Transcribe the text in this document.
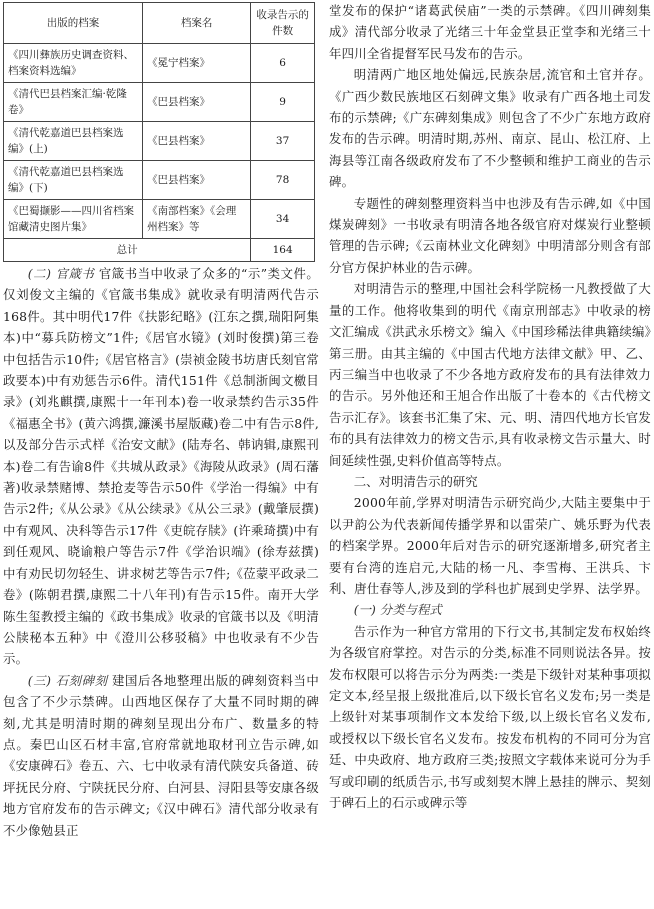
出版的档案	档案名	收录告示的件数
《四川彝族历史调查资料、档案资料选编》	《冕宁档案》	6
《清代巴县档案汇编·乾隆卷》	《巴县档案》	9
《清代乾嘉道巴县档案选编》(上)	《巴县档案》	37
《清代乾嘉道巴县档案选编》(下)	《巴县档案》	78
《巴蜀撷影——四川省档案馆藏清史图片集》	《南部档案》《会理州档案》等	34
总计		164

(二) 官箴书 官箴书当中收录了众多的“示”类文件。仅刘俊文主编的《官箴书集成》就收录有明清两代告示168件。其中明代17件《扶影纪略》(江东之撰,瑞阳阿集本)中“募兵防榜文”1件;《居官水镜》(刘时俊撰)第三卷中包括告示10件;《居官格言》(崇祯金陵书坊唐氏刻官常政要本)中有劝惩告示6件。清代151件《总制浙闽文檄目录》(刘兆麒撰,康熙十一年刊本)卷一收录禁约告示35件《福惠全书》(黄六鸿撰,濂溪书屋版藏)卷二中有告示8件,以及部分告示式样《治安文献》(陆寿名、韩讷辑,康熙刊本)卷二有告谕8件《共城从政录》《海陵从政录》(周石藩著)收录禁赌博、禁抢麦等告示50件《学治一得编》中有告示2件;《从公录》《从公续录》《从公三录》(戴肇辰撰)中有观风、决科等告示17件《吏皖存牍》(许乘琦撰)中有到任观风、晓谕粮户等告示7件《学治识端》(徐寿兹撰)中有劝民切勿轻生、讲求树艺等告示7件;《莅蒙平政录二卷》(陈朝君撰,康熙二十八年刊)有告示15件。南开大学陈生玺教授主编的《政书集成》收录的官箴书以及《明清公牍秘本五种》中《澄川公移驳稿》中也收录有不少告示。

(三) 石刻碑刻 建国后各地整理出版的碑刻资料当中包含了不少示禁碑。山西地区保存了大量不同时期的碑刻,尤其是明清时期的碑刻呈现出分布广、数量多的特点。秦巴山区石材丰富,官府常就地取材刊立告示碑,如《安康碑石》卷五、六、七中收录有清代陕安兵备道、砖坪抚民分府、宁陕抚民分府、白河县、浔阳县等安康各级地方官府发布的告示碑文;《汉中碑石》清代部分收录有不少像勉县正

堂发布的保护“诸葛武侯庙”一类的示禁碑。《四川碑刻集成》清代部分收录了光绪三十年金堂县正堂李和光绪三十年四川全省提督军民马发布的告示。

明清两广地区地处偏远,民族杂居,流官和土官并存。《广西少数民族地区石刻碑文集》收录有广西各地土司发布的示禁碑;《广东碑刻集成》则包含了不少广东地方政府发布的告示碑。明清时期,苏州、南京、昆山、松江府、上海县等江南各级政府发布了不少整顿和维护工商业的告示碑。

专题性的碑刻整理资料当中也涉及有告示碑,如《中国煤炭碑刻》一书收录有明清各地各级官府对煤炭行业整顿管理的告示碑;《云南林业文化碑刻》中明清部分则含有部分官方保护林业的告示碑。

对明清告示的整理,中国社会科学院杨一凡教授做了大量的工作。他将收集到的明代《南京刑部志》中收录的榜文汇编成《洪武永乐榜文》编入《中国珍稀法律典籍续编》第三册。由其主编的《中国古代地方法律文献》甲、乙、丙三编当中也收录了不少各地方政府发布的具有法律效力的告示。另外他还和王旭合作出版了十卷本的《古代榜文告示汇存》。该套书汇集了宋、元、明、清四代地方长官发布的具有法律效力的榜文告示,具有收录榜文告示量大、时间延续性强,史料价值高等特点。

二、对明清告示的研究

2000年前,学界对明清告示研究尚少,大陆主要集中于以尹韵公为代表新闻传播学界和以雷荣广、姚乐野为代表的档案学界。2000年后对告示的研究逐渐增多,研究者主要有台湾的连启元,大陆的杨一凡、李雪梅、王洪兵、卞利、唐仕春等人,涉及到的学科也扩展到史学界、法学界。

(一) 分类与程式

告示作为一种官方常用的下行文书,其制定发布权始终为各级官府掌控。对告示的分类,标准不同则说法各异。按发布权限可以将告示分为两类:一类是下级针对某种事项拟定文本,经呈报上级批准后,以下级长官名义发布;另一类是上级针对某事项制作文本发给下级,以上级长官名义发布,或授权以下级长官名义发布。按发布机构的不同可分为宫廷、中央政府、地方政府三类;按照文字载体来说可分为手写或印刷的纸质告示,书写或刻契木牌上悬挂的牌示、契刻于碑石上的石示或碑示等
